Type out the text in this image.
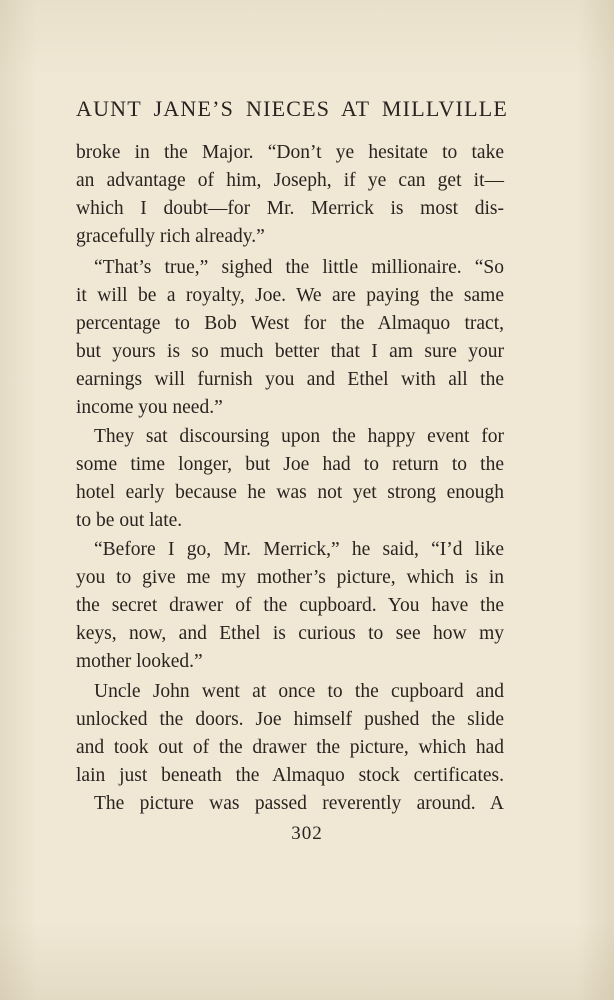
AUNT JANE’S NIECES AT MILLVILLE
broke in the Major. “Don’t ye hesitate to take
an advantage of him, Joseph, if ye can get it—
which I doubt—for Mr. Merrick is most dis-
gracefully rich already.”
“That’s true,” sighed the little millionaire. “So
it will be a royalty, Joe. We are paying the same
percentage to Bob West for the Almaquo tract,
but yours is so much better that I am sure your
earnings will furnish you and Ethel with all the
income you need.”
They sat discoursing upon the happy event for
some time longer, but Joe had to return to the
hotel early because he was not yet strong enough
to be out late.
“Before I go, Mr. Merrick,” he said, “I’d like
you to give me my mother’s picture, which is in
the secret drawer of the cupboard. You have the
keys, now, and Ethel is curious to see how my
mother looked.”
Uncle John went at once to the cupboard and
unlocked the doors. Joe himself pushed the slide
and took out of the drawer the picture, which had
lain just beneath the Almaquo stock certificates.
The picture was passed reverently around. A
302
